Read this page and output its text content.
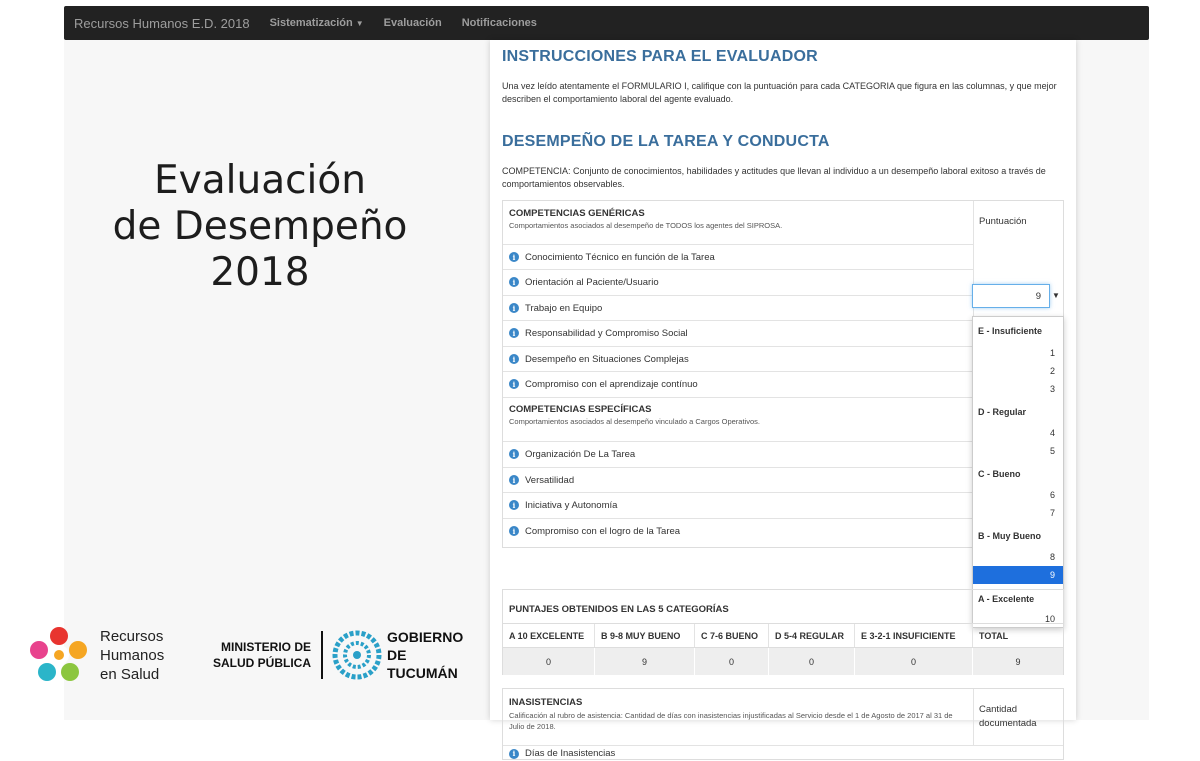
Recursos Humanos E.D. 2018 Sistematización ▼ Evaluación Notificaciones
Evaluación
de Desempeño
2018
Recursos
Humanos
en Salud
MINISTERIO DE
SALUD PÚBLICA
GOBIERNO DE
TUCUMÁN
INSTRUCCIONES PARA EL EVALUADOR
Una vez leído atentamente el FORMULARIO I, califique con la puntuación para cada CATEGORIA que figura en las columnas, y que mejor describen el comportamiento laboral del agente evaluado.
DESEMPEÑO DE LA TAREA Y CONDUCTA
COMPETENCIA: Conjunto de conocimientos, habilidades y actitudes que llevan al individuo a un desempeño laboral exitoso a través de comportamientos observables.
COMPETENCIAS GENÉRICAS
Comportamientos asociados al desempeño de TODOS los agentes del SIPROSA.	Puntuación
i	Conocimiento Técnico en función de la Tarea
i	Orientación al Paciente/Usuario
i	Trabajo en Equipo
i	Responsabilidad y Compromiso Social
i	Desempeño en Situaciones Complejas
i	Compromiso con el aprendizaje contínuo
COMPETENCIAS ESPECÍFICAS
Comportamientos asociados al desempeño vinculado a Cargos Operativos.
i	Organización De La Tarea
i	Versatilidad
i	Iniciativa y Autonomía
i	Compromiso con el logro de la Tarea
9 ▼
E - Insuficiente
1
2
3
D - Regular
4
5
C - Bueno
6
7
B - Muy Bueno
8
9
A - Excelente
10
PUNTAJES OBTENIDOS EN LAS 5 CATEGORÍAS
A 10 EXCELENTE	B 9-8 MUY BUENO	C 7-6 BUENO	D 5-4 REGULAR	E 3-2-1 INSUFICIENTE	TOTAL
0	9	0	0	0	9
INASISTENCIAS
Calificación al rubro de asistencia: Cantidad de días con inasistencias injustificadas al Servicio desde el 1 de Agosto de 2017 al 31 de Julio de 2018.
Cantidad documentada
i	Días de Inasistencias
